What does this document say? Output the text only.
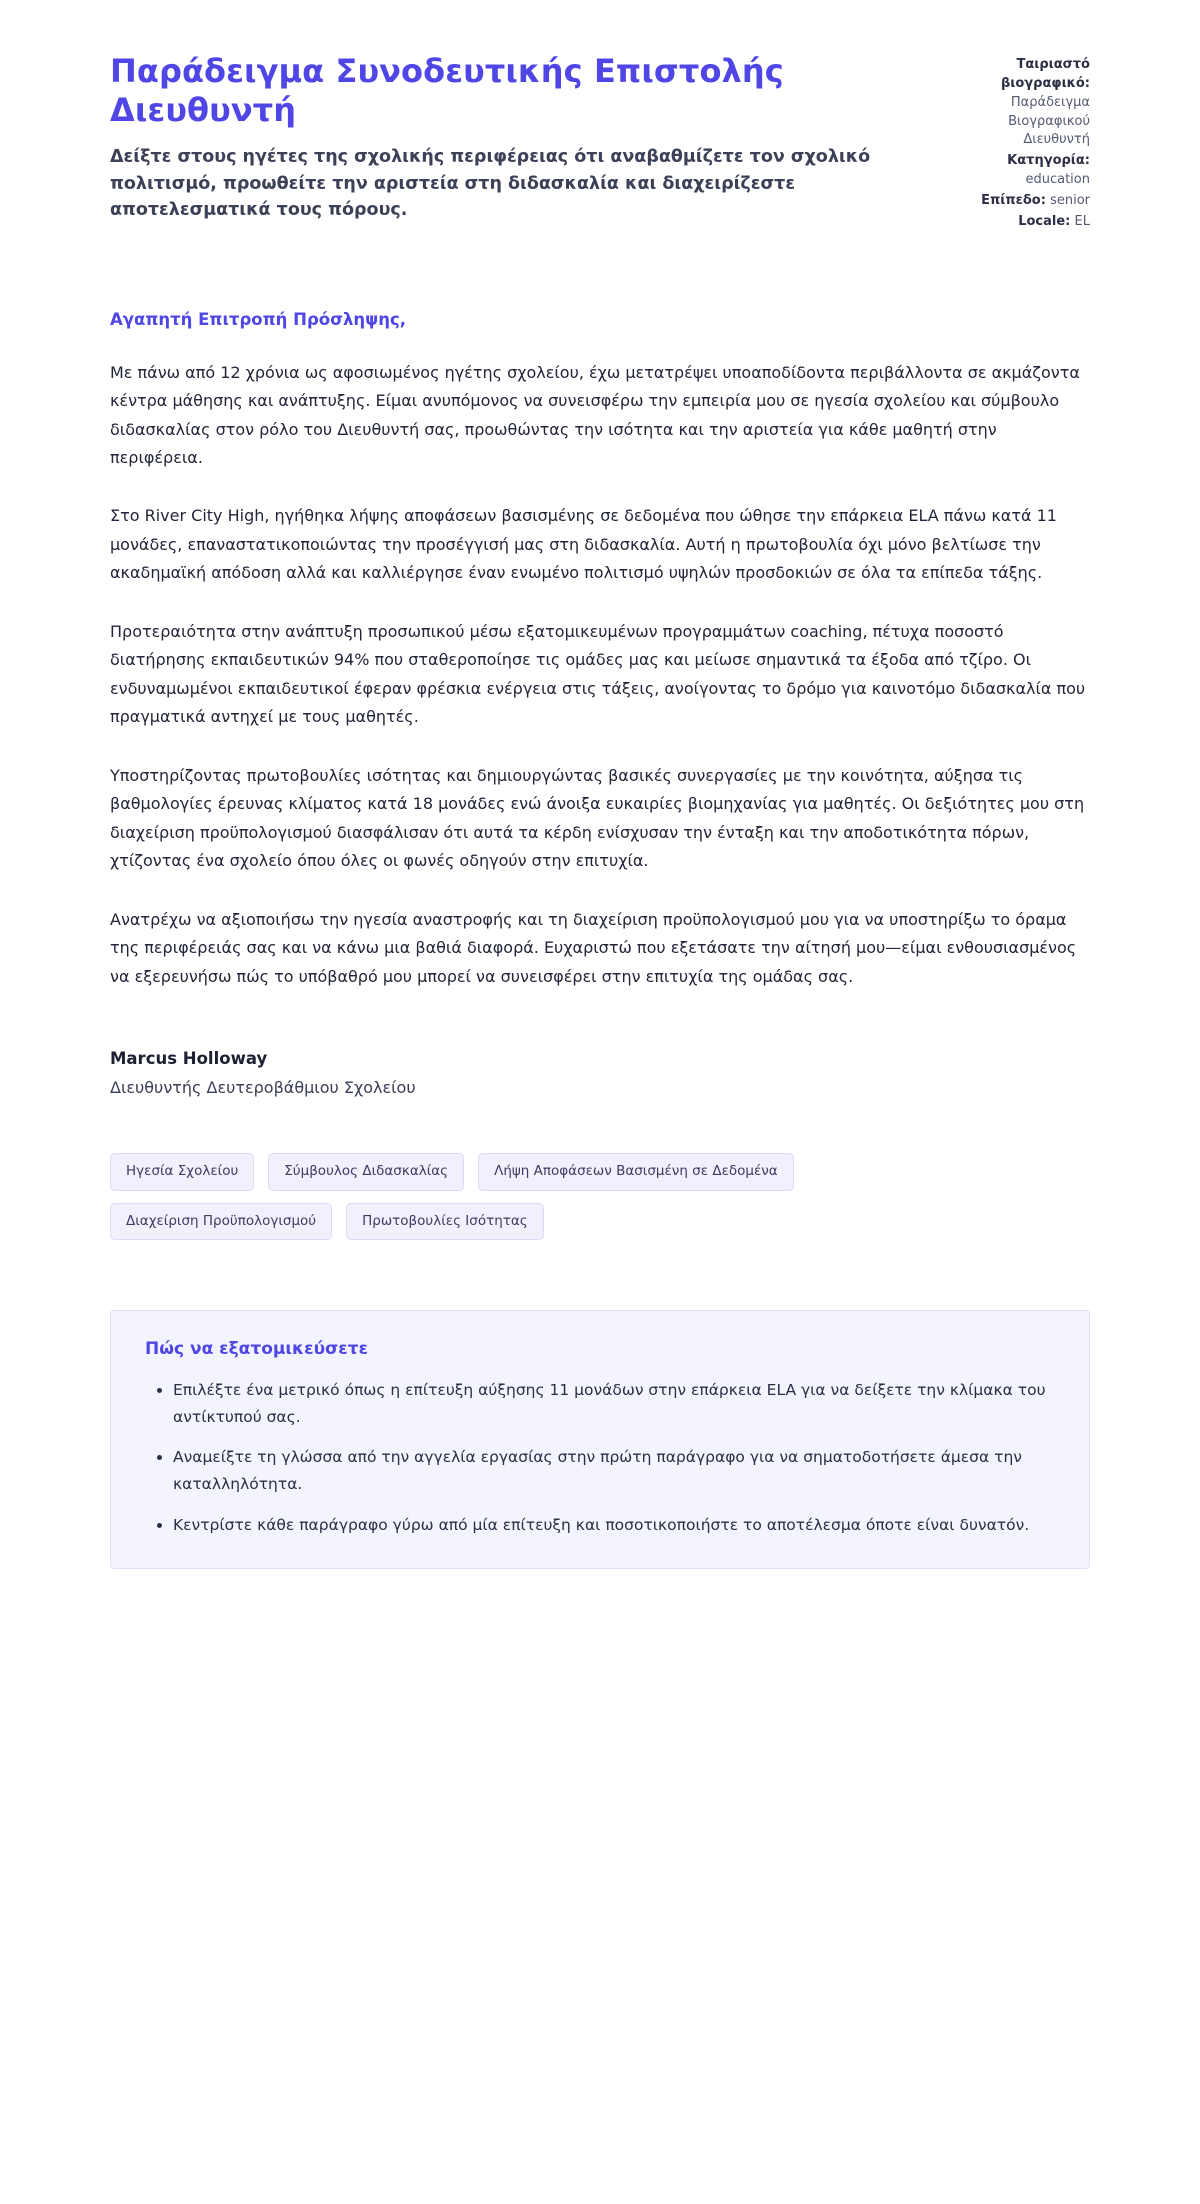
Παράδειγμα Συνοδευτικής Επιστολής Διευθυντή

Δείξτε στους ηγέτες της σχολικής περιφέρειας ότι αναβαθμίζετε τον σχολικό πολιτισμό, προωθείτε την αριστεία στη διδασκαλία και διαχειρίζεστε αποτελεσματικά τους πόρους.

Ταιριαστό βιογραφικό:
Παράδειγμα Βιογραφικού Διευθυντή
Κατηγορία:
education
Επίπεδο: senior
Locale: EL

Αγαπητή Επιτροπή Πρόσληψης,

Με πάνω από 12 χρόνια ως αφοσιωμένος ηγέτης σχολείου, έχω μετατρέψει υποαποδίδοντα περιβάλλοντα σε ακμάζοντα κέντρα μάθησης και ανάπτυξης. Είμαι ανυπόμονος να συνεισφέρω την εμπειρία μου σε ηγεσία σχολείου και σύμβουλο διδασκαλίας στον ρόλο του Διευθυντή σας, προωθώντας την ισότητα και την αριστεία για κάθε μαθητή στην περιφέρεια.

Στο River City High, ηγήθηκα λήψης αποφάσεων βασισμένης σε δεδομένα που ώθησε την επάρκεια ELA πάνω κατά 11 μονάδες, επαναστατικοποιώντας την προσέγγισή μας στη διδασκαλία. Αυτή η πρωτοβουλία όχι μόνο βελτίωσε την ακαδημαϊκή απόδοση αλλά και καλλιέργησε έναν ενωμένο πολιτισμό υψηλών προσδοκιών σε όλα τα επίπεδα τάξης.

Προτεραιότητα στην ανάπτυξη προσωπικού μέσω εξατομικευμένων προγραμμάτων coaching, πέτυχα ποσοστό διατήρησης εκπαιδευτικών 94% που σταθεροποίησε τις ομάδες μας και μείωσε σημαντικά τα έξοδα από τζίρο. Οι ενδυναμωμένοι εκπαιδευτικοί έφεραν φρέσκια ενέργεια στις τάξεις, ανοίγοντας το δρόμο για καινοτόμο διδασκαλία που πραγματικά αντηχεί με τους μαθητές.

Υποστηρίζοντας πρωτοβουλίες ισότητας και δημιουργώντας βασικές συνεργασίες με την κοινότητα, αύξησα τις βαθμολογίες έρευνας κλίματος κατά 18 μονάδες ενώ άνοιξα ευκαιρίες βιομηχανίας για μαθητές. Οι δεξιότητες μου στη διαχείριση προϋπολογισμού διασφάλισαν ότι αυτά τα κέρδη ενίσχυσαν την ένταξη και την αποδοτικότητα πόρων, χτίζοντας ένα σχολείο όπου όλες οι φωνές οδηγούν στην επιτυχία.

Ανατρέχω να αξιοποιήσω την ηγεσία αναστροφής και τη διαχείριση προϋπολογισμού μου για να υποστηρίξω το όραμα της περιφέρειάς σας και να κάνω μια βαθιά διαφορά. Ευχαριστώ που εξετάσατε την αίτησή μου—είμαι ενθουσιασμένος να εξερευνήσω πώς το υπόβαθρό μου μπορεί να συνεισφέρει στην επιτυχία της ομάδας σας.

Marcus Holloway

Διευθυντής Δευτεροβάθμιου Σχολείου

Ηγεσία Σχολείου	Σύμβουλος Διδασκαλίας	Λήψη Αποφάσεων Βασισμένη σε Δεδομένα
Διαχείριση Προϋπολογισμού	Πρωτοβουλίες Ισότητας
Πώς να εξατομικεύσετε
• Επιλέξτε ένα μετρικό όπως η επίτευξη αύξησης 11 μονάδων στην επάρκεια ELA για να δείξετε την κλίμακα του αντίκτυπού σας.
• Αναμείξτε τη γλώσσα από την αγγελία εργασίας στην πρώτη παράγραφο για να σηματοδοτήσετε άμεσα την καταλληλότητα.
• Κεντρίστε κάθε παράγραφο γύρω από μία επίτευξη και ποσοτικοποιήστε το αποτέλεσμα όποτε είναι δυνατόν.
